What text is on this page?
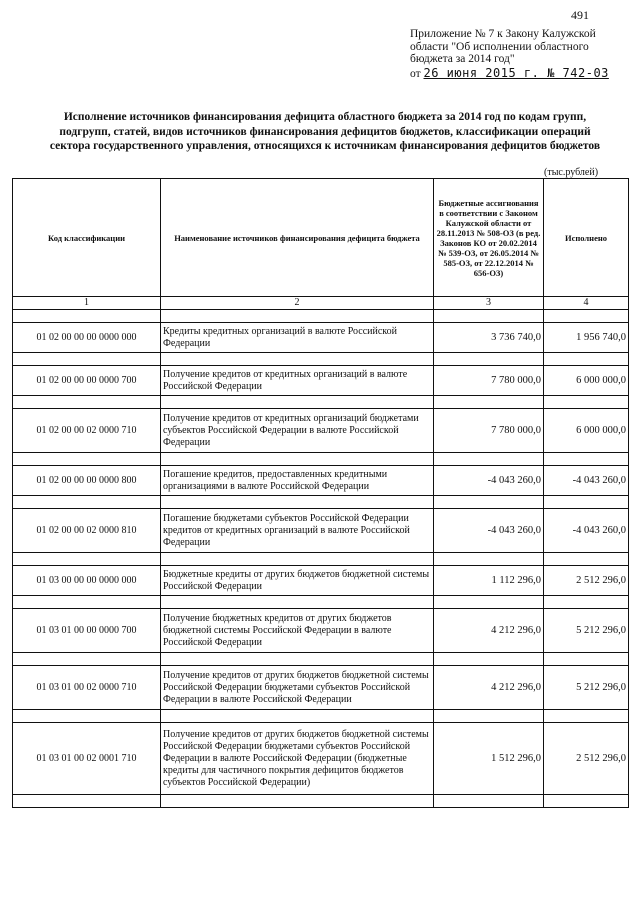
491
Приложение № 7 к Закону Калужской
области "Об исполнении областного
бюджета за 2014 год"
от 26 июня 2015 г. № 742-03
Исполнение источников финансирования дефицита областного бюджета за 2014 год по кодам групп, подгрупп, статей, видов источников финансирования дефицитов бюджетов, классификации операций сектора государственного управления, относящихся к источникам финансирования дефицитов бюджетов
(тыс.рублей)
Код классификации	Наименование источников финансирования дефицита бюджета	Бюджетные ассигнования в соответствии с Законом Калужской области от 28.11.2013 № 508-ОЗ (в ред. Законов КО от 20.02.2014 № 539-ОЗ, от 26.05.2014 № 585-ОЗ, от 22.12.2014 № 656-ОЗ)	Исполнено
1	2	3	4

01 02 00 00 00 0000 000	Кредиты кредитных организаций в валюте Российской Федерации	3 736 740,0	1 956 740,0

01 02 00 00 00 0000 700	Получение кредитов от кредитных организаций в валюте Российской Федерации	7 780 000,0	6 000 000,0

01 02 00 00 02 0000 710	Получение кредитов от кредитных организаций бюджетами субъектов Российской Федерации в валюте Российской Федерации	7 780 000,0	6 000 000,0

01 02 00 00 00 0000 800	Погашение кредитов, предоставленных кредитными организациями в валюте Российской Федерации	-4 043 260,0	-4 043 260,0

01 02 00 00 02 0000 810	Погашение бюджетами субъектов Российской Федерации кредитов от кредитных организаций в валюте Российской Федерации	-4 043 260,0	-4 043 260,0

01 03 00 00 00 0000 000	Бюджетные кредиты от других бюджетов бюджетной системы Российской Федерации	1 112 296,0	2 512 296,0

01 03 01 00 00 0000 700	Получение бюджетных кредитов от других бюджетов бюджетной системы Российской Федерации в валюте Российской Федерации	4 212 296,0	5 212 296,0

01 03 01 00 02 0000 710	Получение кредитов от других бюджетов бюджетной системы Российской Федерации бюджетами субъектов Российской Федерации в валюте Российской Федерации	4 212 296,0	5 212 296,0

01 03 01 00 02 0001 710	Получение кредитов от других бюджетов бюджетной системы Российской Федерации бюджетами субъектов Российской Федерации в валюте Российской Федерации (бюджетные кредиты для частичного покрытия дефицитов бюджетов субъектов Российской Федерации)	1 512 296,0	2 512 296,0
